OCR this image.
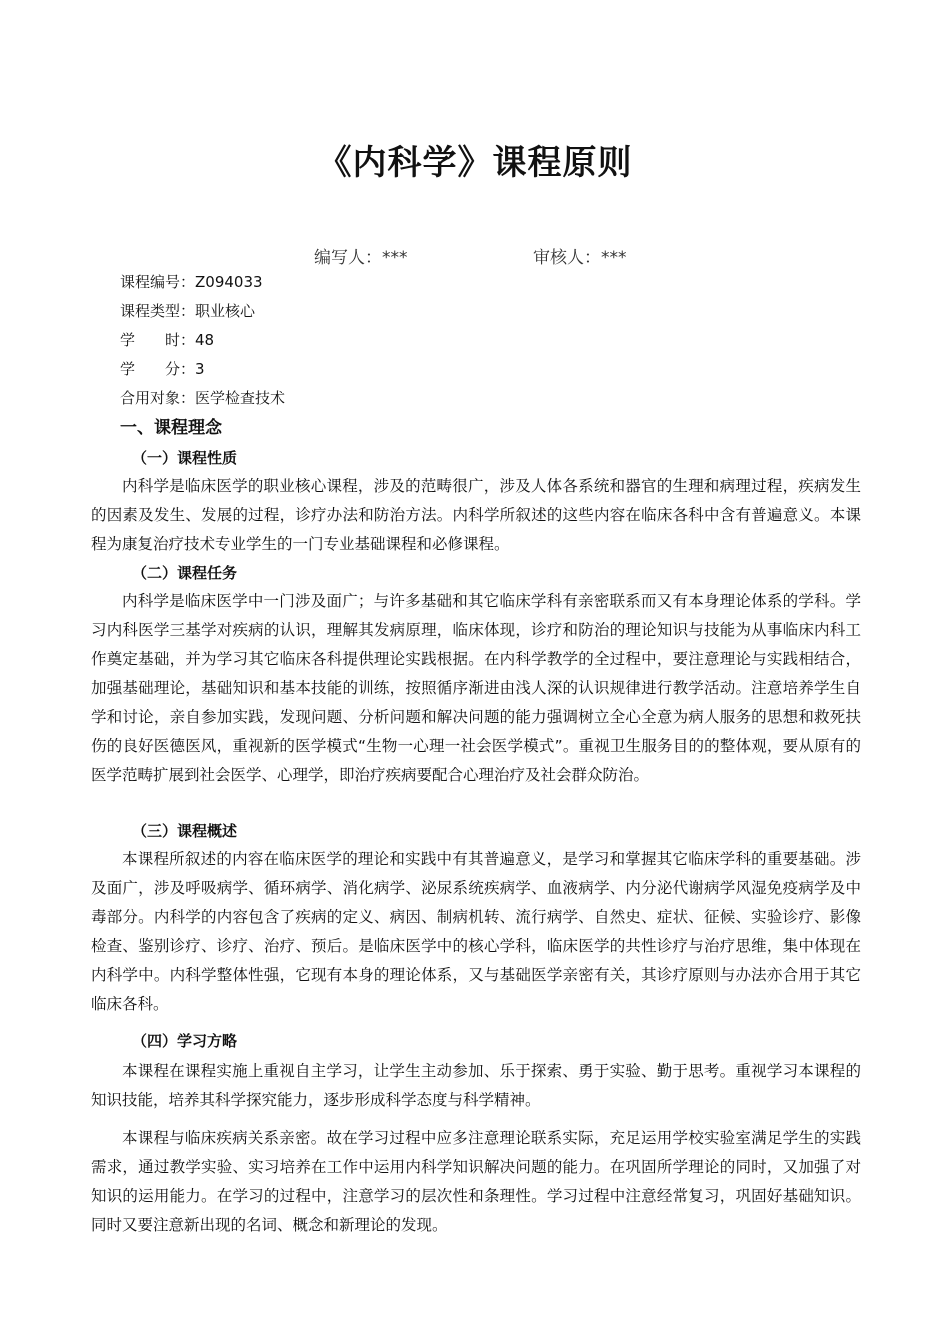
《内科学》课程原则
编写人：***	审核人：***
课程编号：Z094033
课程类型：职业核心
学　　时：48
学　　分：3
合用对象：医学检查技术
一、课程理念
（一）课程性质
内科学是临床医学的职业核心课程，涉及的范畴很广，涉及人体各系统和器官的生理和病理过程，疾病发生的因素及发生、发展的过程，诊疗办法和防治方法。内科学所叙述的这些内容在临床各科中含有普遍意义。本课程为康复治疗技术专业学生的一门专业基础课程和必修课程。
（二）课程任务
内科学是临床医学中一门涉及面广；与许多基础和其它临床学科有亲密联系而又有本身理论体系的学科。学习内科医学三基学对疾病的认识，理解其发病原理，临床体现，诊疗和防治的理论知识与技能为从事临床内科工作奠定基础，并为学习其它临床各科提供理论实践根据。在内科学教学的全过程中，要注意理论与实践相结合，加强基础理论，基础知识和基本技能的训练，按照循序渐进由浅人深的认识规律进行教学活动。注意培养学生自学和讨论，亲自参加实践，发现问题、分析问题和解决问题的能力强调树立全心全意为病人服务的思想和救死扶伤的良好医德医风，重视新的医学模式“生物一心理一社会医学模式”。重视卫生服务目的的整体观，要从原有的医学范畴扩展到社会医学、心理学，即治疗疾病要配合心理治疗及社会群众防治。
（三）课程概述
本课程所叙述的内容在临床医学的理论和实践中有其普遍意义，是学习和掌握其它临床学科的重要基础。涉及面广，涉及呼吸病学、循环病学、消化病学、泌尿系统疾病学、血液病学、内分泌代谢病学风湿免疫病学及中毒部分。内科学的内容包含了疾病的定义、病因、制病机转、流行病学、自然史、症状、征候、实验诊疗、影像检查、鉴别诊疗、诊疗、治疗、预后。是临床医学中的核心学科，临床医学的共性诊疗与治疗思维，集中体现在内科学中。内科学整体性强，它现有本身的理论体系，又与基础医学亲密有关，其诊疗原则与办法亦合用于其它临床各科。
（四）学习方略
本课程在课程实施上重视自主学习，让学生主动参加、乐于探索、勇于实验、勤于思考。重视学习本课程的知识技能，培养其科学探究能力，逐步形成科学态度与科学精神。
本课程与临床疾病关系亲密。故在学习过程中应多注意理论联系实际，充足运用学校实验室满足学生的实践需求，通过教学实验、实习培养在工作中运用内科学知识解决问题的能力。在巩固所学理论的同时，又加强了对知识的运用能力。在学习的过程中，注意学习的层次性和条理性。学习过程中注意经常复习，巩固好基础知识。同时又要注意新出现的名词、概念和新理论的发现。
